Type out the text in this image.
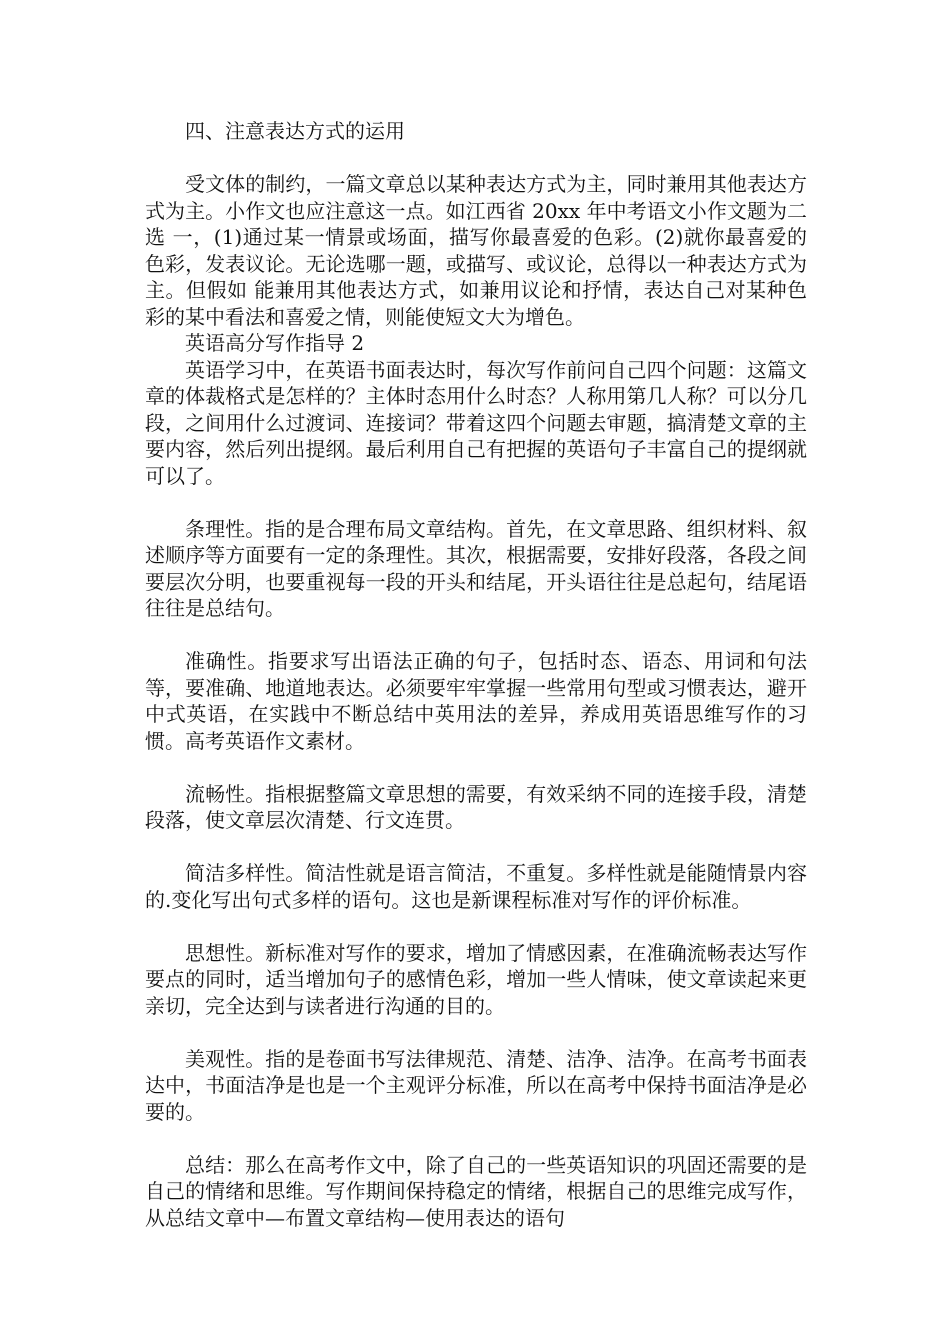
四、注意表达方式的运用

受文体的制约，一篇文章总以某种表达方式为主，同时兼用其他表达方式为主。小作文也应注意这一点。如江西省 20xx 年中考语文小作文题为二选 一，(1)通过某一情景或场面，描写你最喜爱的色彩。(2)就你最喜爱的色彩，发表议论。无论选哪一题，或描写、或议论，总得以一种表达方式为主。但假如 能兼用其他表达方式，如兼用议论和抒情，表达自己对某种色彩的某中看法和喜爱之情，则能使短文大为增色。

英语高分写作指导 2

英语学习中，在英语书面表达时，每次写作前问自己四个问题：这篇文章的体裁格式是怎样的？主体时态用什么时态？人称用第几人称？可以分几段，之间用什么过渡词、连接词？带着这四个问题去审题，搞清楚文章的主要内容，然后列出提纲。最后利用自己有把握的英语句子丰富自己的提纲就可以了。

条理性。指的是合理布局文章结构。首先，在文章思路、组织材料、叙述顺序等方面要有一定的条理性。其次，根据需要，安排好段落，各段之间要层次分明，也要重视每一段的开头和结尾，开头语往往是总起句，结尾语往往是总结句。

准确性。指要求写出语法正确的句子，包括时态、语态、用词和句法等，要准确、地道地表达。必须要牢牢掌握一些常用句型或习惯表达，避开中式英语，在实践中不断总结中英用法的差异，养成用英语思维写作的习惯。高考英语作文素材。

流畅性。指根据整篇文章思想的需要，有效采纳不同的连接手段，清楚段落，使文章层次清楚、行文连贯。

简洁多样性。简洁性就是语言简洁，不重复。多样性就是能随情景内容的.变化写出句式多样的语句。这也是新课程标准对写作的评价标准。

思想性。新标准对写作的要求，增加了情感因素，在准确流畅表达写作要点的同时，适当增加句子的感情色彩，增加一些人情味，使文章读起来更亲切，完全达到与读者进行沟通的目的。

美观性。指的是卷面书写法律规范、清楚、洁净、洁净。在高考书面表达中，书面洁净是也是一个主观评分标准，所以在高考中保持书面洁净是必要的。

总结：那么在高考作文中，除了自己的一些英语知识的巩固还需要的是自己的情绪和思维。写作期间保持稳定的情绪，根据自己的思维完成写作，从总结文章中—布置文章结构—使用表达的语句
